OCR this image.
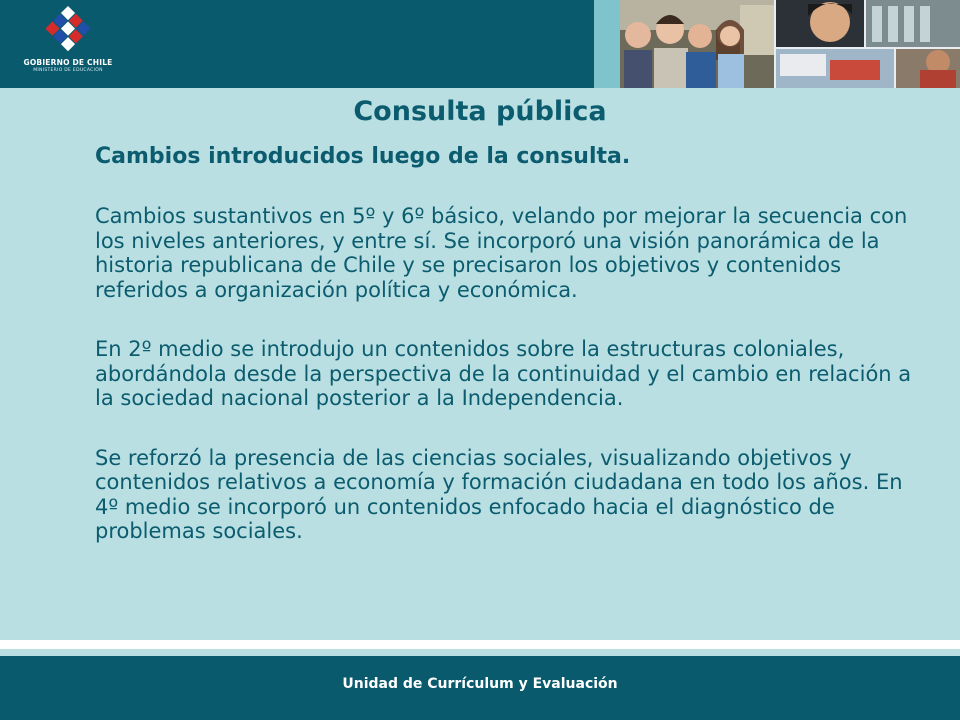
GOBIERNO DE CHILE
MINISTERIO DE EDUCACIÓN
Consulta pública

Cambios introducidos luego de la consulta.

Cambios sustantivos en 5º y 6º básico, velando por mejorar la secuencia con los niveles anteriores, y entre sí. Se incorporó una visión panorámica de la historia republicana de Chile y se precisaron los objetivos y contenidos referidos a organización política y económica.

En 2º medio se introdujo un contenidos sobre la estructuras coloniales, abordándola desde la perspectiva de la continuidad y el cambio en relación a la sociedad nacional posterior a la Independencia.

Se reforzó la presencia de las ciencias sociales, visualizando objetivos y contenidos relativos a economía y formación ciudadana en todo los años. En 4º medio se incorporó un contenidos enfocado hacia el diagnóstico de problemas sociales.

Unidad de Currículum y Evaluación
